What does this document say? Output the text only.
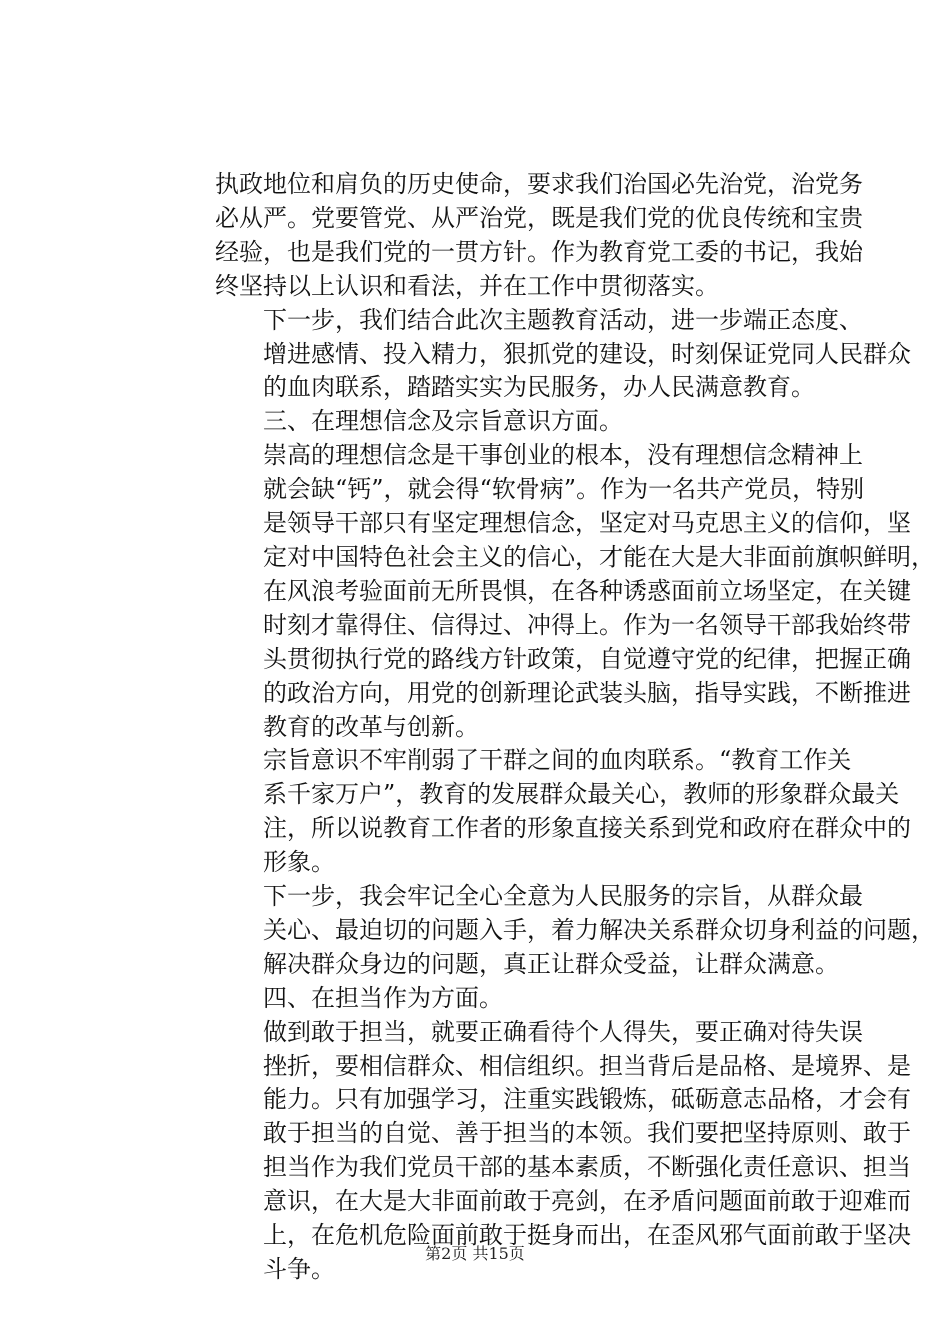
执政地位和肩负的历史使命，要求我们治国必先治党，治党务
必从严。党要管党、从严治党，既是我们党的优良传统和宝贵
经验，也是我们党的一贯方针。作为教育党工委的书记，我始
终坚持以上认识和看法，并在工作中贯彻落实。

下一步，我们结合此次主题教育活动，进一步端正态度、
增进感情、投入精力，狠抓党的建设，时刻保证党同人民群众
的血肉联系，踏踏实实为民服务，办人民满意教育。

三、在理想信念及宗旨意识方面。

崇高的理想信念是干事创业的根本，没有理想信念精神上
就会缺“钙”，就会得“软骨病”。作为一名共产党员，特别
是领导干部只有坚定理想信念，坚定对马克思主义的信仰，坚
定对中国特色社会主义的信心，才能在大是大非面前旗帜鲜明，
在风浪考验面前无所畏惧，在各种诱惑面前立场坚定，在关键
时刻才靠得住、信得过、冲得上。作为一名领导干部我始终带
头贯彻执行党的路线方针政策，自觉遵守党的纪律，把握正确
的政治方向，用党的创新理论武装头脑，指导实践，不断推进
教育的改革与创新。

宗旨意识不牢削弱了干群之间的血肉联系。“教育工作关
系千家万户”，教育的发展群众最关心，教师的形象群众最关
注，所以说教育工作者的形象直接关系到党和政府在群众中的
形象。

下一步，我会牢记全心全意为人民服务的宗旨，从群众最
关心、最迫切的问题入手，着力解决关系群众切身利益的问题，
解决群众身边的问题，真正让群众受益，让群众满意。

四、在担当作为方面。

做到敢于担当，就要正确看待个人得失，要正确对待失误
挫折，要相信群众、相信组织。担当背后是品格、是境界、是
能力。只有加强学习，注重实践锻炼，砥砺意志品格，才会有
敢于担当的自觉、善于担当的本领。我们要把坚持原则、敢于
担当作为我们党员干部的基本素质，不断强化责任意识、担当
意识，在大是大非面前敢于亮剑，在矛盾问题面前敢于迎难而
上，在危机危险面前敢于挺身而出，在歪风邪气面前敢于坚决
斗争。

第2页 共15页
